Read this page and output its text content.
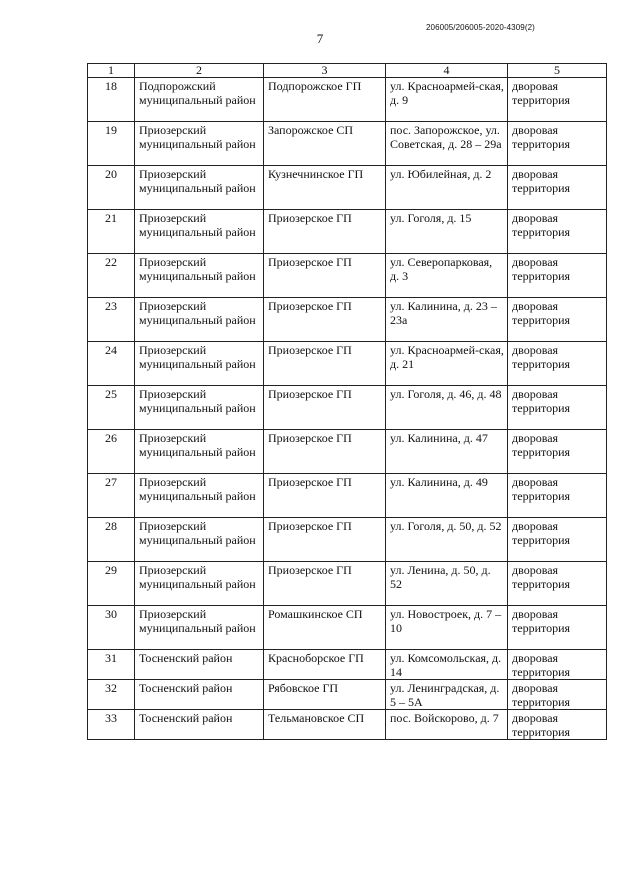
206005/206005-2020-4309(2)
7
1	2	3	4	5
18	Подпорожский муниципальный район	Подпорожское ГП	ул. Красноармей-ская, д. 9	дворовая территория
19	Приозерский муниципальный район	Запорожское СП	пос. Запорожское, ул. Советская, д. 28 – 29а	дворовая территория
20	Приозерский муниципальный район	Кузнечнинское ГП	ул. Юбилейная, д. 2	дворовая территория
21	Приозерский муниципальный район	Приозерское ГП	ул. Гоголя, д. 15	дворовая территория
22	Приозерский муниципальный район	Приозерское ГП	ул. Северопарковая, д. 3	дворовая территория
23	Приозерский муниципальный район	Приозерское ГП	ул. Калинина, д. 23 – 23а	дворовая территория
24	Приозерский муниципальный район	Приозерское ГП	ул. Красноармей-ская, д. 21	дворовая территория
25	Приозерский муниципальный район	Приозерское ГП	ул. Гоголя, д. 46, д. 48	дворовая территория
26	Приозерский муниципальный район	Приозерское ГП	ул. Калинина, д. 47	дворовая территория
27	Приозерский муниципальный район	Приозерское ГП	ул. Калинина, д. 49	дворовая территория
28	Приозерский муниципальный район	Приозерское ГП	ул. Гоголя, д. 50, д. 52	дворовая территория
29	Приозерский муниципальный район	Приозерское ГП	ул. Ленина, д. 50, д. 52	дворовая территория
30	Приозерский муниципальный район	Ромашкинское СП	ул. Новостроек, д. 7 – 10	дворовая территория
31	Тосненский район	Красноборское ГП	ул. Комсомольская, д. 14	дворовая территория
32	Тосненский район	Рябовское ГП	ул. Ленинградская, д. 5 – 5А	дворовая территория
33	Тосненский район	Тельмановское СП	пос. Войскорово, д. 7	дворовая территория
